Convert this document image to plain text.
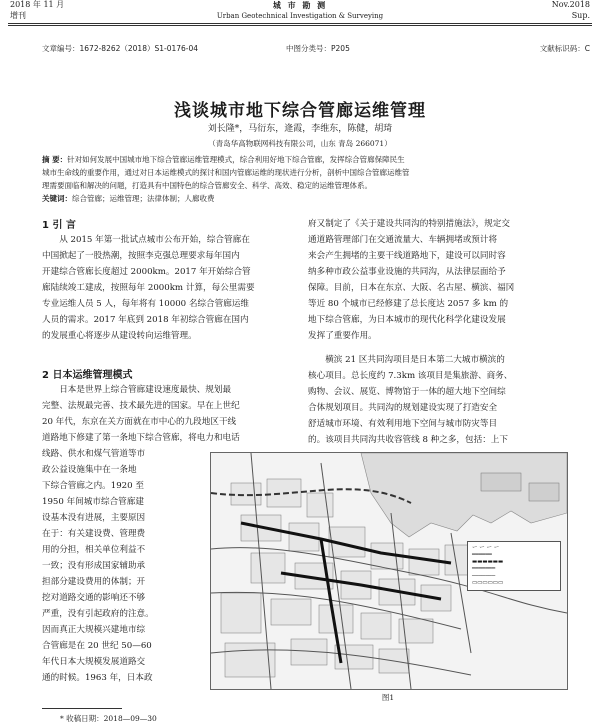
2018 年 11 月
增刊
城 市 勘 测
Urban Geotechnical Investigation & Surveying
Nov.2018
Sup.
文章编号：1672-8262（2018）S1-0176-04	中图分类号：P205	文献标识码：C
浅谈城市地下综合管廊运维管理
刘长隆*，马衍东，逄霞，李维东，陈健，胡琦
（青岛华高物联网科技有限公司，山东 青岛 266071）
摘 要：针对如何发展中国城市地下综合管廊运维管理模式，综合利用好地下综合管廊，发挥综合管廊保障民生
城市生命线的重要作用，通过对日本运维模式的探讨和国内管廊运维的现状进行分析，剖析中国综合管廊运维管
理需要面临和解决的问题，打造具有中国特色的综合管廊安全、科学、高效、稳定的运维管理体系。
关键词：综合管廊；运维管理；法律体制；人廊收费
1 引 言
从 2015 年第一批试点城市公布开始，综合管廊在
中国掀起了一股热潮，按照李克强总理要求每年国内
开建综合管廊长度超过 2000km。2017 年开始综合管
廊陆续竣工建成，按照每年 2000km 计算，每公里需要
专业运维人员 5 人，每年将有 10000 名综合管廊运维
人员的需求。2017 年底到 2018 年初综合管廊在国内
的发展重心将逐步从建设转向运维管理。
2 日本运维管理模式
日本是世界上综合管廊建设速度最快、规划最
完整、法规最完善、技术最先进的国家。早在上世纪
20 年代，东京在关方面就在市中心的九段地区干线
道路地下修建了第一条地下综合管廊，将电力和电话
线路、供水和煤气管道等市
政公益设施集中在一条地
下综合管廊之内。1920 至
1950 年间城市综合管廊建
设基本没有进展，主要原因
在于：有关建设费、管理费
用的分担，相关单位利益不
一致；没有形成国家辅助承
担部分建设费用的体制；开
挖对道路交通的影响还不够
严重，没有引起政府的注意。
因而真正大规模兴建地市综
合管廊是在 20 世纪 50—60
年代日本大规模发展道路交
通的时候。1963 年，日本政
府又制定了《关于建设共同沟的特别措施法》，规定交
通道路管理部门在交通流量大、车辆拥堵或预计将
来会产生拥堵的主要干线道路地下，建设可以同时容
纳多种市政公益事业设施的共同沟，从法律层面给予
保障。目前，日本在东京、大阪、名古屋、横滨、福冈
等近 80 个城市已经修建了总长度达 2057 多 km 的
地下综合管廊，为日本城市的现代化科学化建设发展
发挥了重要作用。
横滨 21 区共同沟项目是日本第二大城市横滨的
核心项目。总长度约 7.3km 该项目是集旅游、商务、
购物、会议、展览、博物馆于一体的超大地下空间综
合体规划项目。共同沟的规划建设实现了打造安全
舒适城市环境、有效利用地下空间与城市防灾等目
的。该项目共同沟共收容管线 8 种之多，包括：上下
ー ー ー ー
━━━━━━
▬▬▬▬▬▬
═══════
───────
▭▭▭▭▭▭
图1
* 收稿日期：2018—09—30
